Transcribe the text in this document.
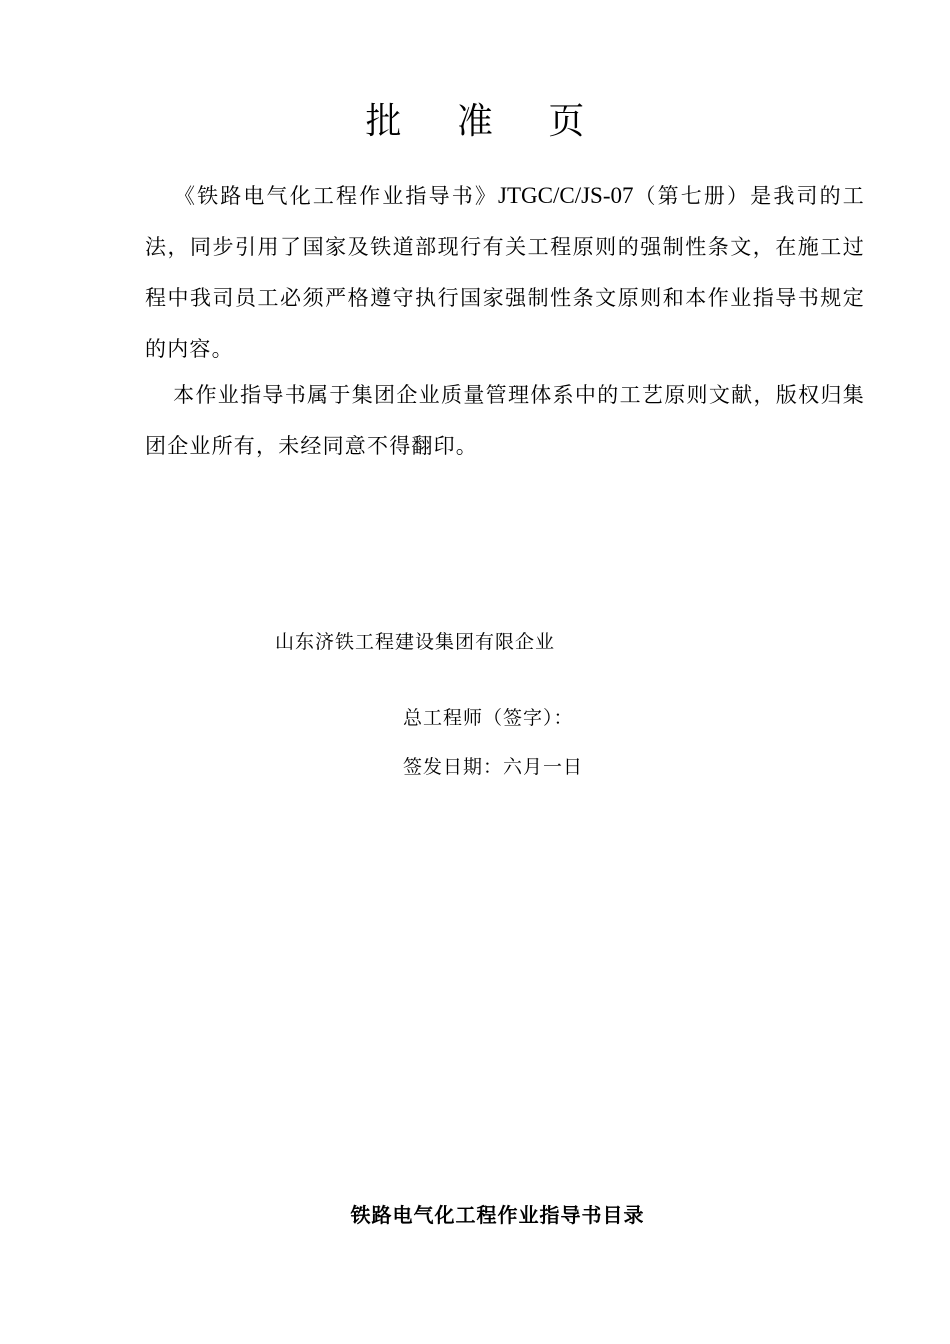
批 准 页
《铁路电气化工程作业指导书》JTGC/C/JS-07（第七册）是我司的工法，同步引用了国家及铁道部现行有关工程原则的强制性条文，在施工过程中我司员工必须严格遵守执行国家强制性条文原则和本作业指导书规定的内容。
本作业指导书属于集团企业质量管理体系中的工艺原则文献，版权归集团企业所有，未经同意不得翻印。
山东济铁工程建设集团有限企业
总工程师（签字）：
签发日期：六月一日
铁路电气化工程作业指导书目录
